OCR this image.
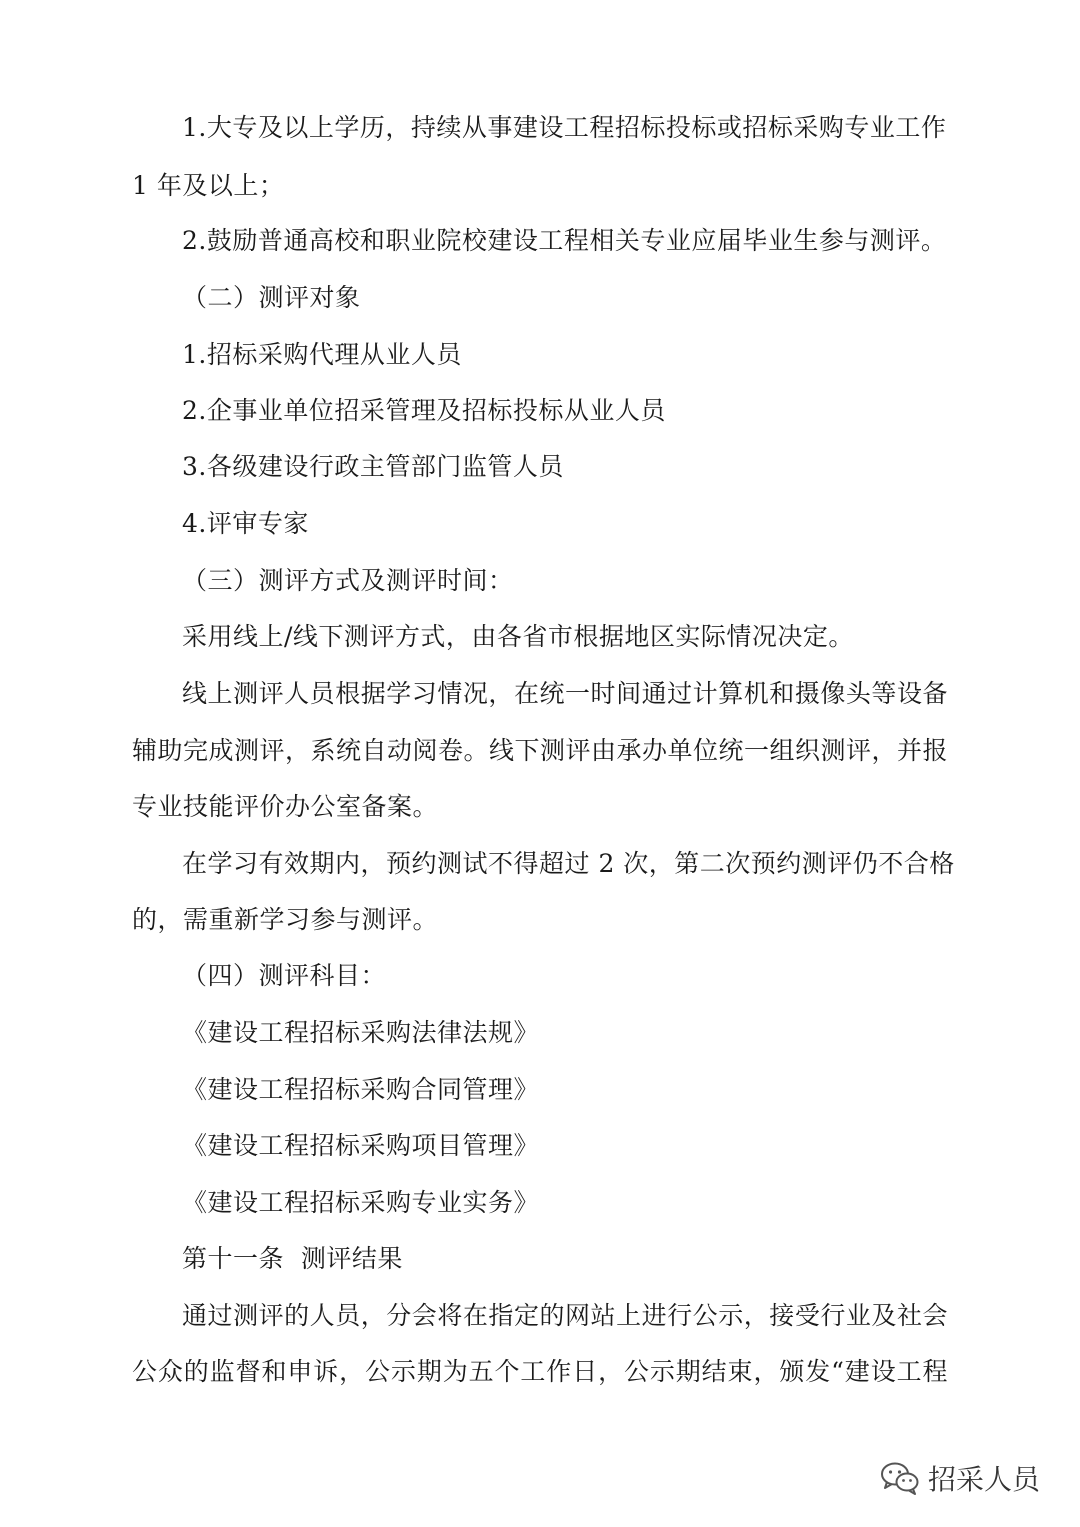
1.大专及以上学历，持续从事建设工程招标投标或招标采购专业工作
1 年及以上；
2.鼓励普通高校和职业院校建设工程相关专业应届毕业生参与测评。
（二）测评对象
1.招标采购代理从业人员
2.企事业单位招采管理及招标投标从业人员
3.各级建设行政主管部门监管人员
4.评审专家
（三）测评方式及测评时间：
采用线上/线下测评方式，由各省市根据地区实际情况决定。
线上测评人员根据学习情况，在统一时间通过计算机和摄像头等设备
辅助完成测评，系统自动阅卷。线下测评由承办单位统一组织测评，并报
专业技能评价办公室备案。
在学习有效期内，预约测试不得超过 2 次，第二次预约测评仍不合格
的，需重新学习参与测评。
（四）测评科目：
《建设工程招标采购法律法规》
《建设工程招标采购合同管理》
《建设工程招标采购项目管理》
《建设工程招标采购专业实务》
第十一条  测评结果
通过测评的人员，分会将在指定的网站上进行公示，接受行业及社会
公众的监督和申诉，公示期为五个工作日，公示期结束，颁发“建设工程
招采人员
